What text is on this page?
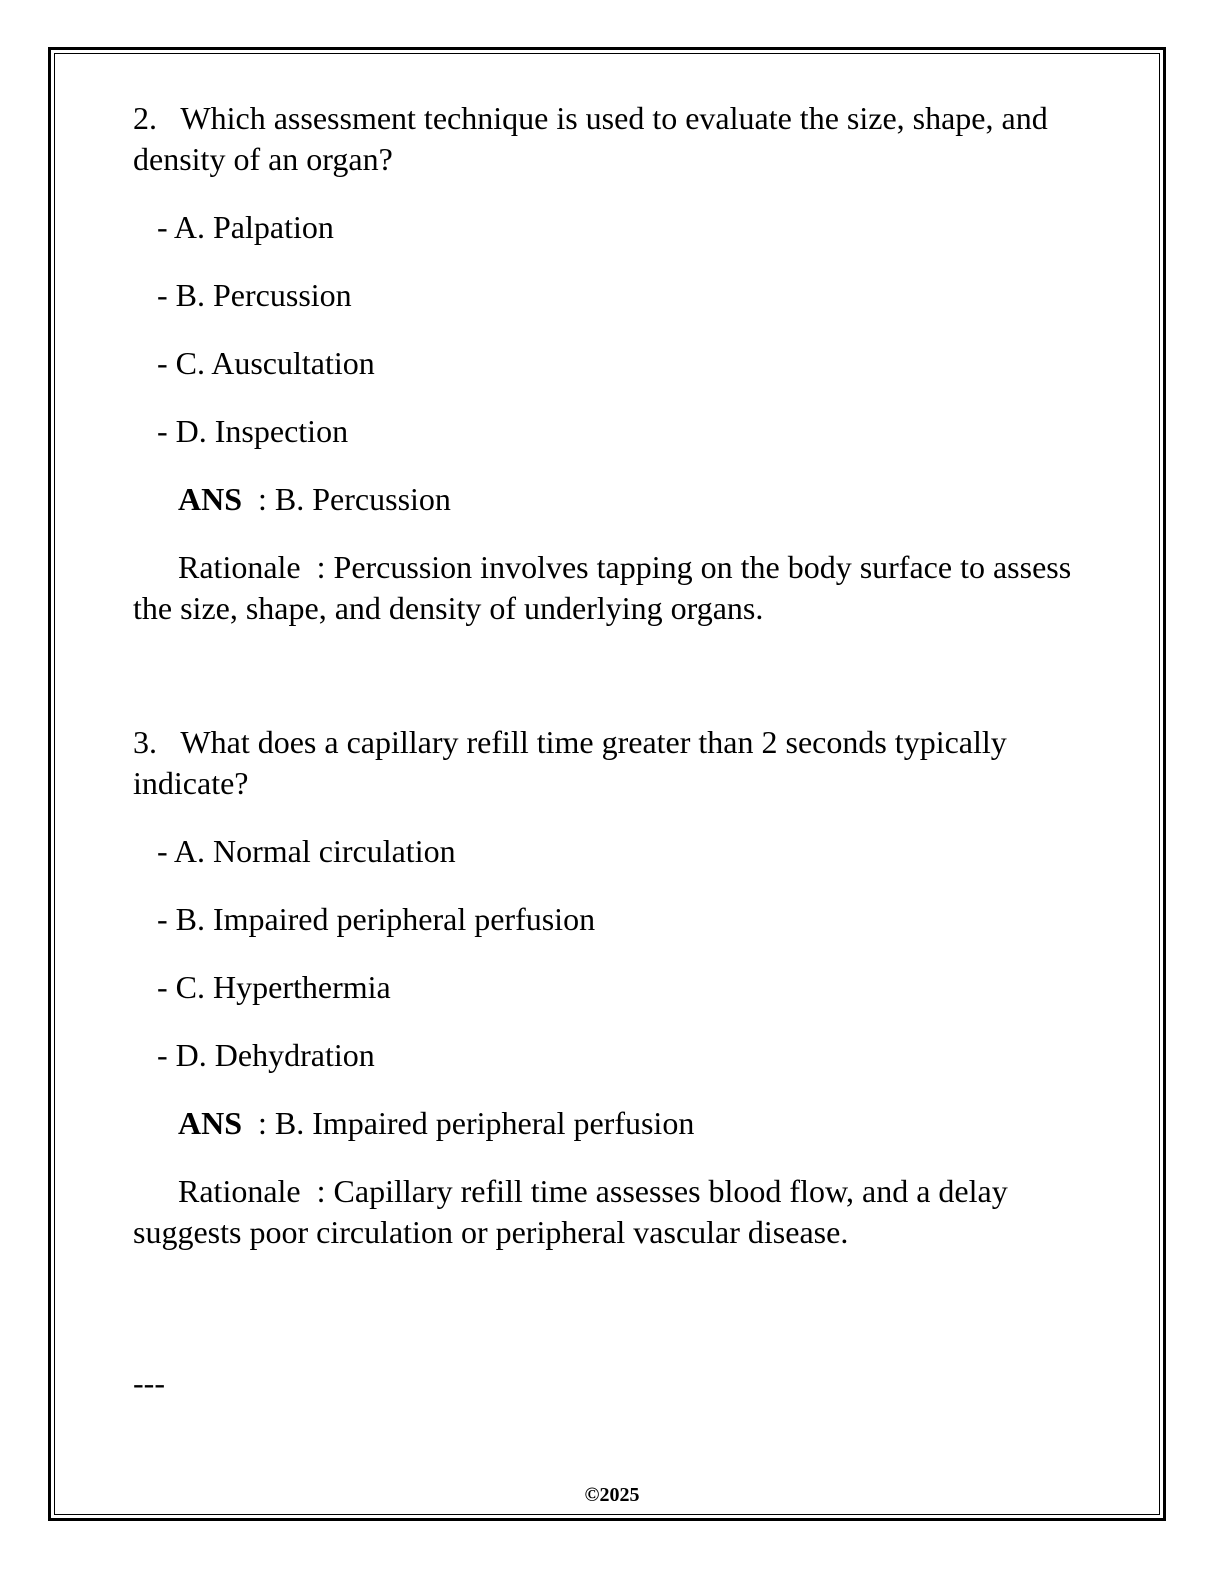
2. Which assessment technique is used to evaluate the size, shape, and density of an organ?

- A. Palpation

- B. Percussion

- C. Auscultation

- D. Inspection

ANS  : B. Percussion

Rationale  : Percussion involves tapping on the body surface to assess the size, shape, and density of underlying organs.

3. What does a capillary refill time greater than 2 seconds typically indicate?

- A. Normal circulation

- B. Impaired peripheral perfusion

- C. Hyperthermia

- D. Dehydration

ANS  : B. Impaired peripheral perfusion

Rationale  : Capillary refill time assesses blood flow, and a delay suggests poor circulation or peripheral vascular disease.

---
©2025
